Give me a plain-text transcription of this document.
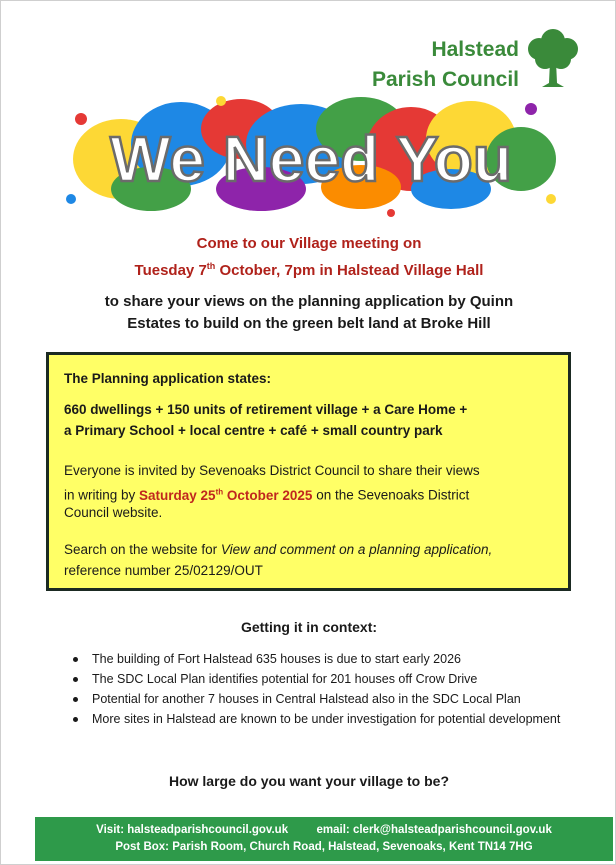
Halstead
Parish Council
We Need You
Come to our Village meeting on
Tuesday 7th October, 7pm in Halstead Village Hall
to share your views on the planning application by Quinn
Estates to build on the green belt land at Broke Hill

The Planning application states:

660 dwellings + 150 units of retirement village + a Care Home +

a Primary School + local centre + café + small country park

Everyone is invited by Sevenoaks District Council to share their views

in writing by Saturday 25th October 2025 on the Sevenoaks District

Council website.

Search on the website for View and comment on a planning application,

reference number 25/02129/OUT

Getting it in context:
The building of Fort Halstead 635 houses is due to start early 2026
The SDC Local Plan identifies potential for 201 houses off Crow Drive
Potential for another 7 houses in Central Halstead also in the SDC Local Plan
More sites in Halstead are known to be under investigation for potential development
How large do you want your village to be?
Visit: halsteadparishcouncil.gov.uk email: clerk@halsteadparishcouncil.gov.uk
Post Box: Parish Room, Church Road, Halstead, Sevenoaks, Kent TN14 7HG
